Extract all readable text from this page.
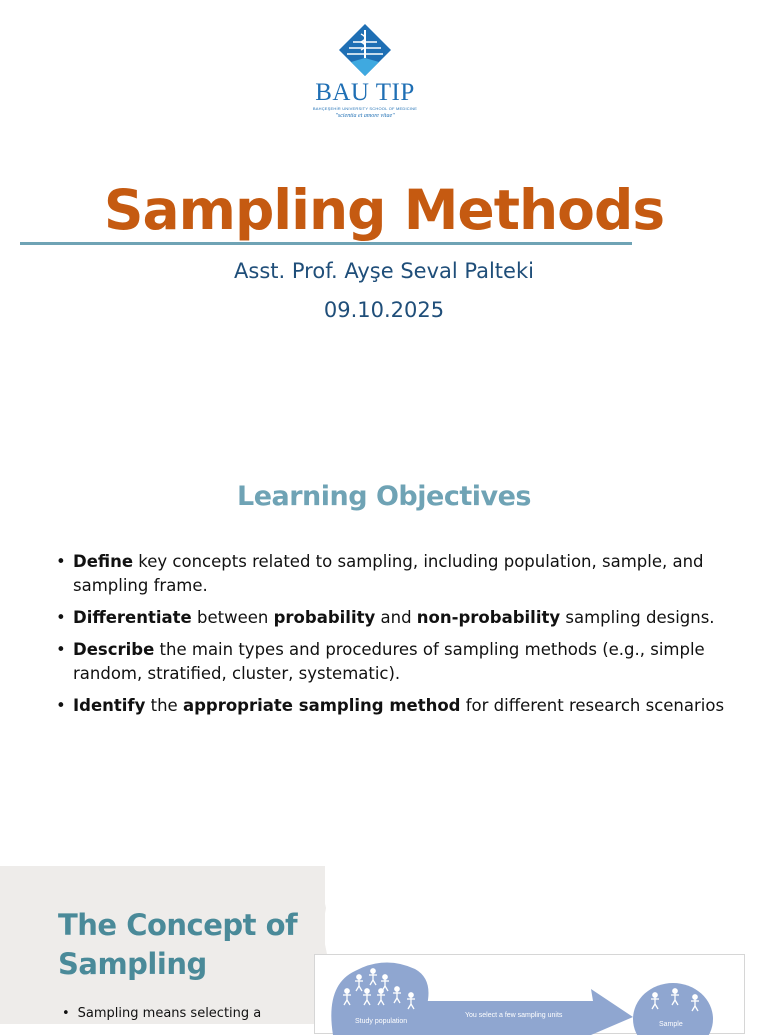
BAU TIP
BAHÇEŞEHİR UNIVERSITY SCHOOL OF MEDICINE
"scientia et amore vitae"
Sampling Methods
Asst. Prof. Ayşe Seval Palteki
09.10.2025
Learning Objectives
• Define key concepts related to sampling, including population, sample, and sampling frame.
• Differentiate between probability and non-probability sampling designs.
• Describe the main types and procedures of sampling methods (e.g., simple random, stratified, cluster, systematic).
• Identify the appropriate sampling method for different research scenarios
The Concept of Sampling
• Sampling means selecting a
Study population
You select a few sampling units
Sample
